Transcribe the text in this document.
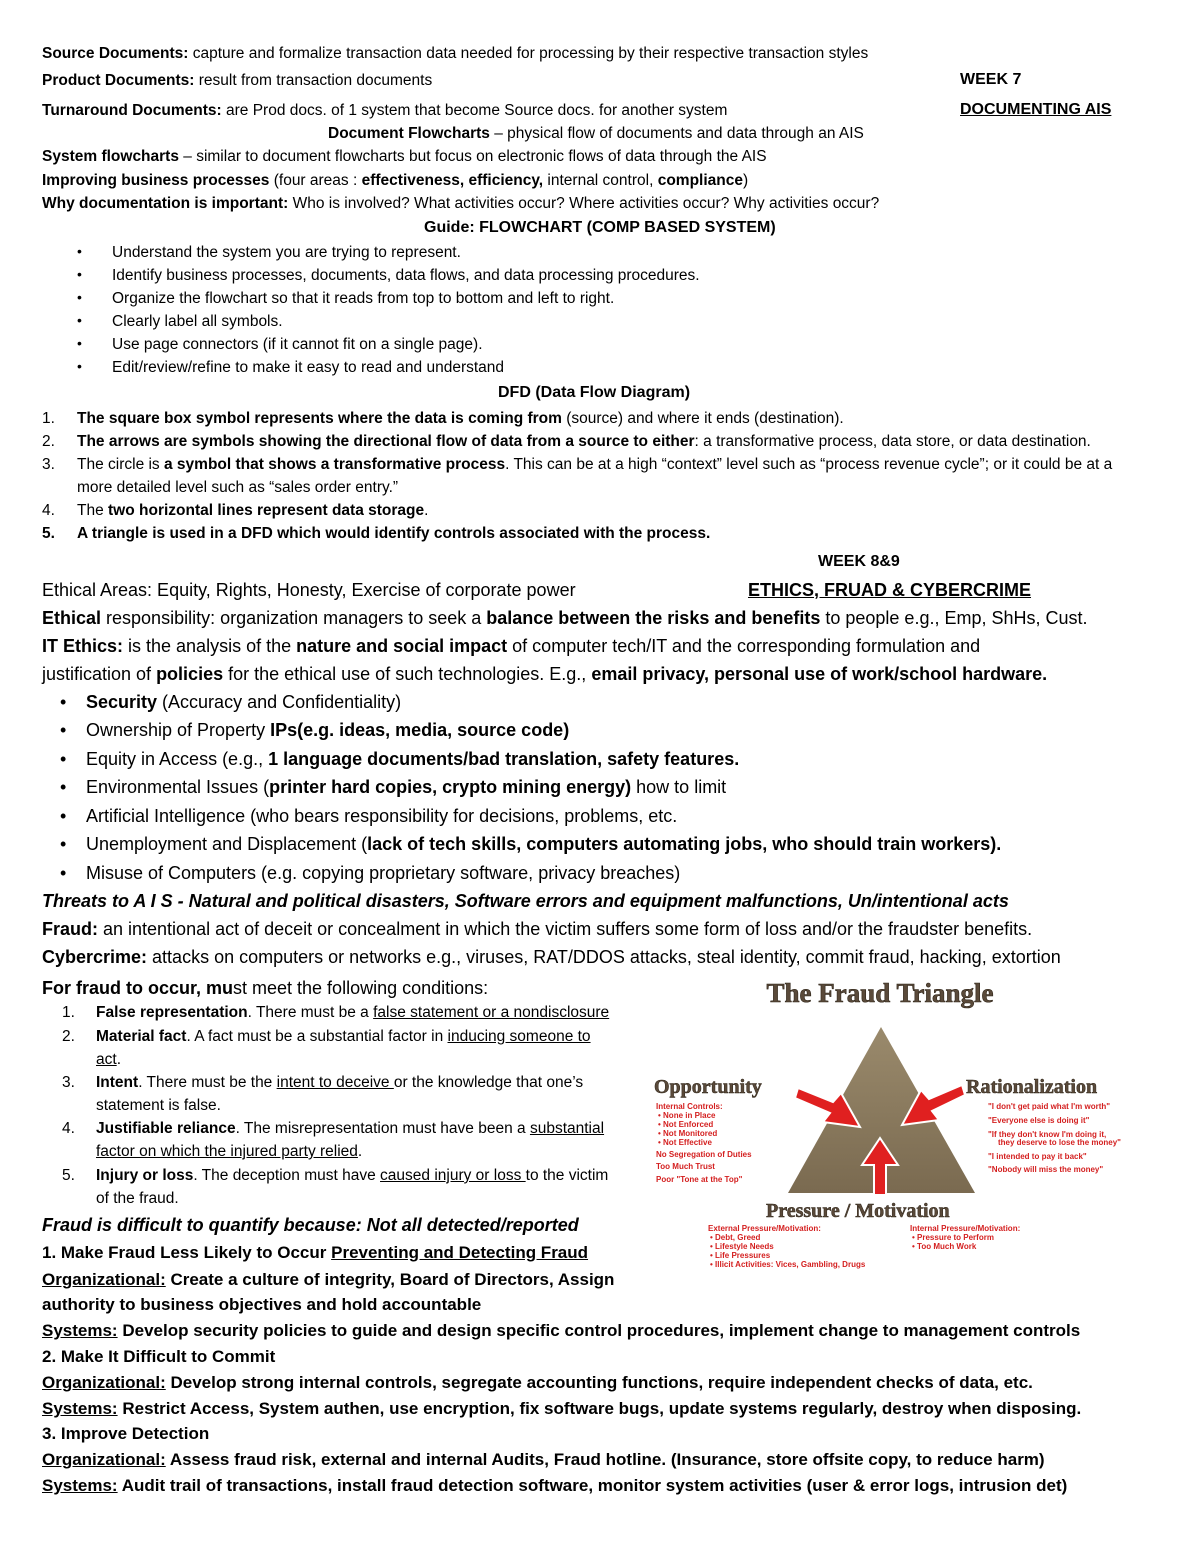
Source Documents: capture and formalize transaction data needed for processing by their respective transaction styles
Product Documents: result from transaction documents	WEEK 7
Turnaround Documents: are Prod docs. of 1 system that become Source docs. for another system	DOCUMENTING AIS
Document Flowcharts – physical flow of documents and data through an AIS
System flowcharts – similar to document flowcharts but focus on electronic flows of data through the AIS
Improving business processes (four areas : effectiveness, efficiency, internal control, compliance)
Why documentation is important: Who is involved? What activities occur? Where activities occur? Why activities occur?
Guide: FLOWCHART (COMP BASED SYSTEM)
• Understand the system you are trying to represent.
• Identify business processes, documents, data flows, and data processing procedures.
• Organize the flowchart so that it reads from top to bottom and left to right.
• Clearly label all symbols.
• Use page connectors (if it cannot fit on a single page).
• Edit/review/refine to make it easy to read and understand
DFD (Data Flow Diagram)
1. The square box symbol represents where the data is coming from (source) and where it ends (destination).
2. The arrows are symbols showing the directional flow of data from a source to either: a transformative process, data store, or data destination.
3. The circle is a symbol that shows a transformative process. This can be at a high “context” level such as “process revenue cycle”; or it could be at a
more detailed level such as “sales order entry.”
4. The two horizontal lines represent data storage.
5. A triangle is used in a DFD which would identify controls associated with the process.
WEEK 8&9
Ethical Areas: Equity, Rights, Honesty, Exercise of corporate power	ETHICS, FRUAD & CYBERCRIME
Ethical responsibility: organization managers to seek a balance between the risks and benefits to people e.g., Emp, ShHs, Cust.
IT Ethics: is the analysis of the nature and social impact of computer tech/IT and the corresponding formulation and
justification of policies for the ethical use of such technologies. E.g., email privacy, personal use of work/school hardware.
• Security (Accuracy and Confidentiality)
• Ownership of Property IPs(e.g. ideas, media, source code)
• Equity in Access (e.g., 1 language documents/bad translation, safety features.
• Environmental Issues (printer hard copies, crypto mining energy) how to limit
• Artificial Intelligence (who bears responsibility for decisions, problems, etc.
• Unemployment and Displacement (lack of tech skills, computers automating jobs, who should train workers).
• Misuse of Computers (e.g. copying proprietary software, privacy breaches)
Threats to A I S - Natural and political disasters, Software errors and equipment malfunctions, Un/intentional acts
Fraud: an intentional act of deceit or concealment in which the victim suffers some form of loss and/or the fraudster benefits.
Cybercrime: attacks on computers or networks e.g., viruses, RAT/DDOS attacks, steal identity, commit fraud, hacking, extortion
For fraud to occur, must meet the following conditions:
1. False representation. There must be a false statement or a nondisclosure
2. Material fact. A fact must be a substantial factor in inducing someone to
act.
3. Intent. There must be the intent to deceive or the knowledge that one’s
statement is false.
4. Justifiable reliance. The misrepresentation must have been a substantial
factor on which the injured party relied.
5. Injury or loss. The deception must have caused injury or loss to the victim
of the fraud.
Fraud is difficult to quantify because: Not all detected/reported
1. Make Fraud Less Likely to Occur Preventing and Detecting Fraud
Organizational: Create a culture of integrity, Board of Directors, Assign
authority to business objectives and hold accountable
Systems: Develop security policies to guide and design specific control procedures, implement change to management controls
2. Make It Difficult to Commit
Organizational: Develop strong internal controls, segregate accounting functions, require independent checks of data, etc.
Systems: Restrict Access, System authen, use encryption, fix software bugs, update systems regularly, destroy when disposing.
3. Improve Detection
Organizational: Assess fraud risk, external and internal Audits, Fraud hotline. (Insurance, store offsite copy, to reduce harm)
Systems: Audit trail of transactions, install fraud detection software, monitor system activities (user & error logs, intrusion det)
The Fraud Triangle
Opportunity	Rationalization
Pressure / Motivation
Internal Controls:
• None in Place
• Not Enforced
• Not Monitored
• Not Effective
No Segregation of Duties
Too Much Trust
Poor "Tone at the Top"
"I don't get paid what I'm worth"
"Everyone else is doing it"
"If they don't know I'm doing it,
they deserve to lose the money"
"I intended to pay it back"
"Nobody will miss the money"
External Pressure/Motivation:
• Debt, Greed
• Lifestyle Needs
• Life Pressures
• Illicit Activities: Vices, Gambling, Drugs
Internal Pressure/Motivation:
• Pressure to Perform
• Too Much Work
